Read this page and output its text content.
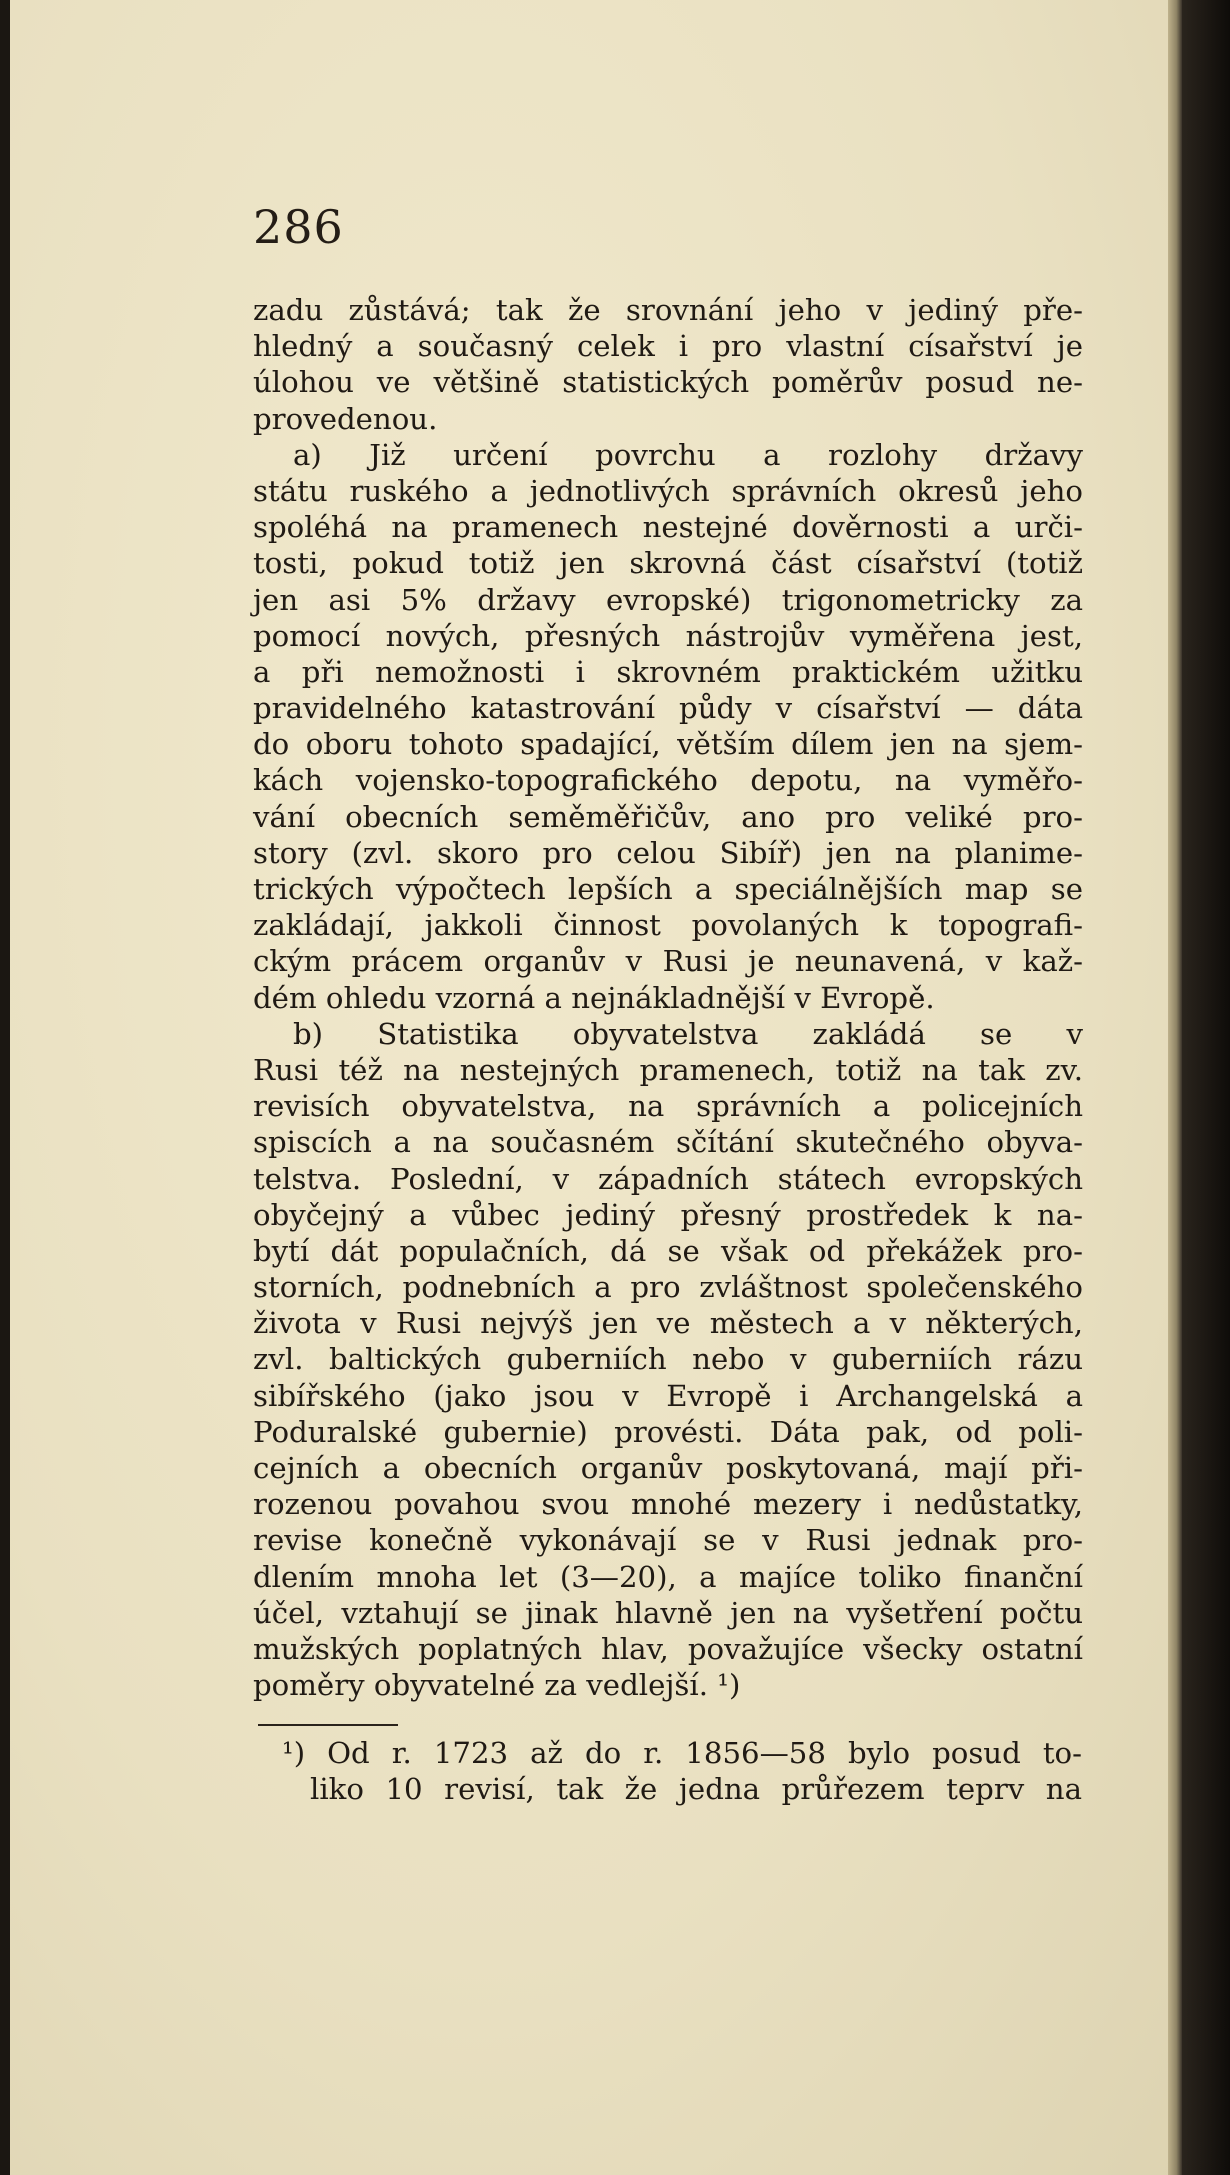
286
zadu zůstává; tak že srovnání jeho v jediný pře-
hledný a současný celek i pro vlastní císařství je
úlohou ve většině statistických poměrův posud ne-
provedenou.
a) Již určení povrchu a rozlohy državy
státu ruského a jednotlivých správních okresů jeho
spoléhá na pramenech nestejné dověrnosti a urči-
tosti, pokud totiž jen skrovná část císařství (totiž
jen asi 5% državy evropské) trigonometricky za
pomocí nových, přesných nástrojův vyměřena jest,
a při nemožnosti i skrovném praktickém užitku
pravidelného katastrování půdy v císařství — dáta
do oboru tohoto spadající, větším dílem jen na sjem-
kách vojensko-topografického depotu, na vyměřo-
vání obecních seměměřičův, ano pro veliké pro-
story (zvl. skoro pro celou Sibíř) jen na planime-
trických výpočtech lepších a speciálnějších map se
zakládají, jakkoli činnost povolaných k topografi-
ckým prácem organův v Rusi je neunavená, v kaž-
dém ohledu vzorná a nejnákladnější v Evropě.
b) Statistika obyvatelstva zakládá se v
Rusi též na nestejných pramenech, totiž na tak zv.
revisích obyvatelstva, na správních a policejních
spiscích a na současném sčítání skutečného obyva-
telstva. Poslední, v západních státech evropských
obyčejný a vůbec jediný přesný prostředek k na-
bytí dát populačních, dá se však od překážek pro-
storních, podnebních a pro zvláštnost společenského
života v Rusi nejvýš jen ve městech a v některých,
zvl. baltických guberniích nebo v guberniích rázu
sibířského (jako jsou v Evropě i Archangelská a
Poduralské gubernie) provésti. Dáta pak, od poli-
cejních a obecních organův poskytovaná, mají při-
rozenou povahou svou mnohé mezery i nedůstatky,
revise konečně vykonávají se v Rusi jednak pro-
dlením mnoha let (3—20), a majíce toliko finanční
účel, vztahují se jinak hlavně jen na vyšetření počtu
mužských poplatných hlav, považujíce všecky ostatní
poměry obyvatelné za vedlejší. ¹)
¹) Od r. 1723 až do r. 1856—58 bylo posud to-
liko 10 revisí, tak že jedna průřezem teprv na
